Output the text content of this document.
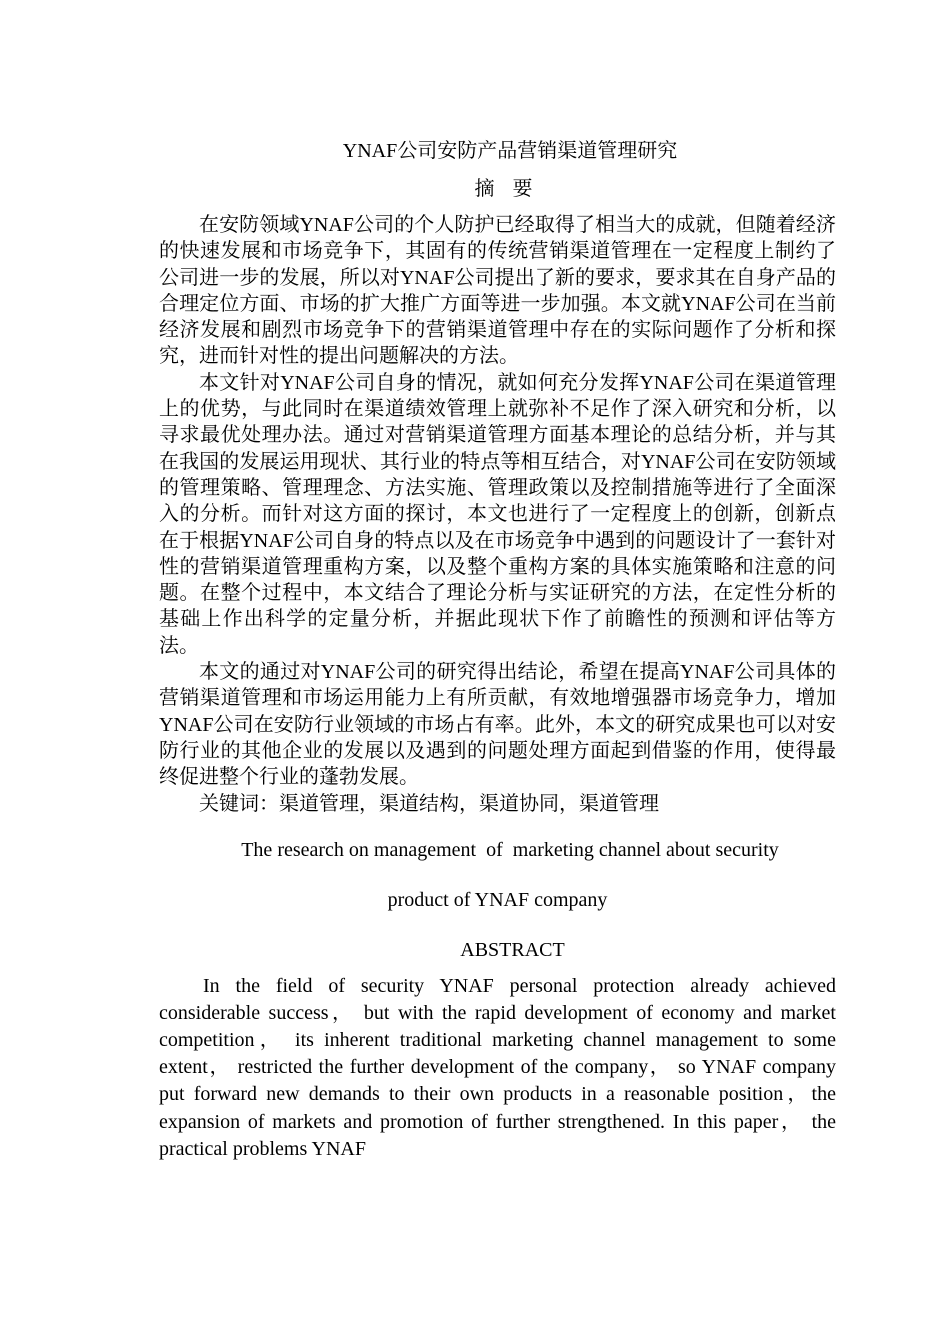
YNAF公司安防产品营销渠道管理研究
摘要

在安防领域YNAF公司的个人防护已经取得了相当大的成就，但随着经济的快速发展和市场竞争下，其固有的传统营销渠道管理在一定程度上制约了公司进一步的发展，所以对YNAF公司提出了新的要求，要求其在自身产品的合理定位方面、市场的扩大推广方面等进一步加强。本文就YNAF公司在当前经济发展和剧烈市场竞争下的营销渠道管理中存在的实际问题作了分析和探究，进而针对性的提出问题解决的方法。

本文针对YNAF公司自身的情况，就如何充分发挥YNAF公司在渠道管理上的优势，与此同时在渠道绩效管理上就弥补不足作了深入研究和分析，以寻求最优处理办法。通过对营销渠道管理方面基本理论的总结分析，并与其在我国的发展运用现状、其行业的特点等相互结合，对YNAF公司在安防领域的管理策略、管理理念、方法实施、管理政策以及控制措施等进行了全面深入的分析。而针对这方面的探讨，本文也进行了一定程度上的创新，创新点在于根据YNAF公司自身的特点以及在市场竞争中遇到的问题设计了一套针对性的营销渠道管理重构方案，以及整个重构方案的具体实施策略和注意的问题。在整个过程中，本文结合了理论分析与实证研究的方法，在定性分析的基础上作出科学的定量分析，并据此现状下作了前瞻性的预测和评估等方法。

本文的通过对YNAF公司的研究得出结论，希望在提高YNAF公司具体的营销渠道管理和市场运用能力上有所贡献，有效地增强器市场竞争力，增加YNAF公司在安防行业领域的市场占有率。此外，本文的研究成果也可以对安防行业的其他企业的发展以及遇到的问题处理方面起到借鉴的作用，使得最终促进整个行业的蓬勃发展。

关键词：渠道管理，渠道结构，渠道协同，渠道管理

The research on management  of  marketing channel about security
product of YNAF company
ABSTRACT

In the field of security YNAF personal protection already achieved considerable success， but with the rapid development of economy and market competition， its inherent traditional marketing channel management to some extent， restricted the further development of the company， so YNAF company put forward new demands to their own products in a reasonable position，the expansion of markets and promotion of further strengthened. In this paper， the practical problems YNAF
